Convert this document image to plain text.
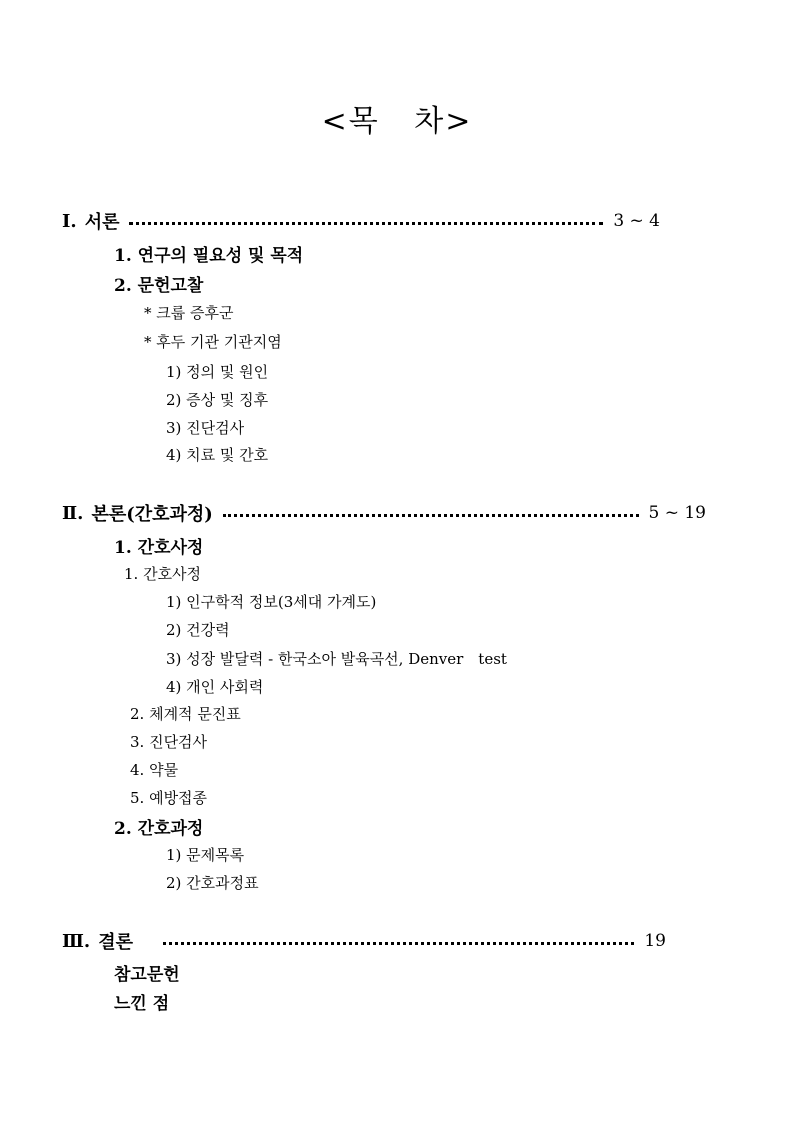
<목   차>
Ⅰ. 서론	3 ~ 4
1. 연구의 필요성 및 목적
2. 문헌고찰
* 크룹 증후군
* 후두 기관 기관지염
1) 정의 및 원인
2) 증상 및 징후
3) 진단검사
4) 치료 및 간호
Ⅱ. 본론(간호과정)	5 ~ 19
1. 간호사정
1. 간호사정
1) 인구학적 정보(3세대 가계도)
2) 건강력
3) 성장 발달력 - 한국소아 발육곡선, Denver test
4) 개인 사회력
2. 체계적 문진표
3. 진단검사
4. 약물
5. 예방접종
2. 간호과정
1) 문제목록
2) 간호과정표
Ⅲ. 결론	19
참고문헌
느낀 점
